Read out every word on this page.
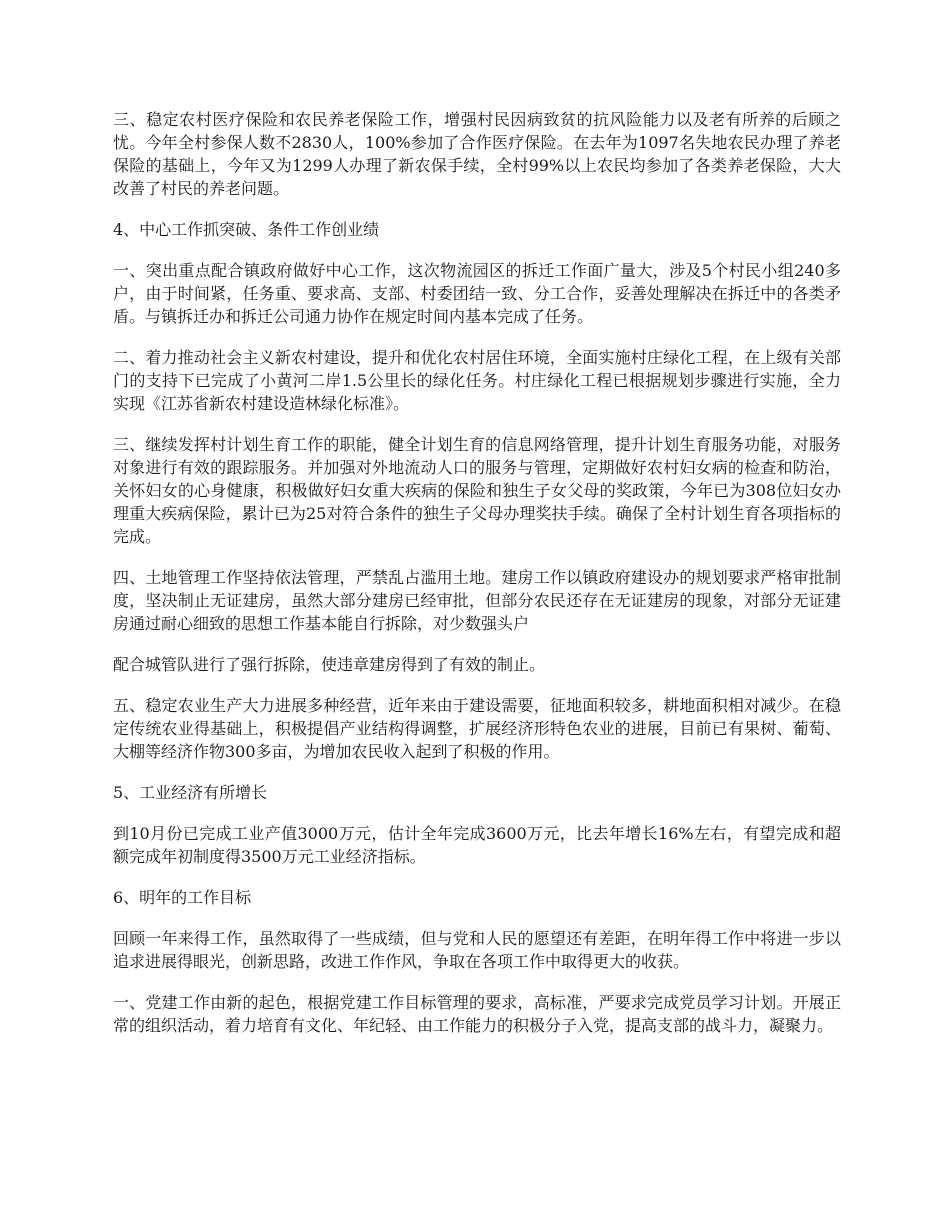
三、稳定农村医疗保险和农民养老保险工作，增强村民因病致贫的抗风险能力以及老有所养的后顾之忧。今年全村参保人数不2830人，100%参加了合作医疗保险。在去年为1097名失地农民办理了养老保险的基础上，今年又为1299人办理了新农保手续，全村99%以上农民均参加了各类养老保险，大大改善了村民的养老问题。

4、中心工作抓突破、条件工作创业绩

一、突出重点配合镇政府做好中心工作，这次物流园区的拆迁工作面广量大，涉及5个村民小组240多户，由于时间紧，任务重、要求高、支部、村委团结一致、分工合作，妥善处理解决在拆迁中的各类矛盾。与镇拆迁办和拆迁公司通力协作在规定时间内基本完成了任务。

二、着力推动社会主义新农村建设，提升和优化农村居住环境，全面实施村庄绿化工程，在上级有关部门的支持下已完成了小黄河二岸1.5公里长的绿化任务。村庄绿化工程已根据规划步骤进行实施，全力实现《江苏省新农村建设造林绿化标准》。

三、继续发挥村计划生育工作的职能，健全计划生育的信息网络管理，提升计划生育服务功能，对服务对象进行有效的跟踪服务。并加强对外地流动人口的服务与管理，定期做好农村妇女病的检查和防治，关怀妇女的心身健康，积极做好妇女重大疾病的保险和独生子女父母的奖政策，今年已为308位妇女办理重大疾病保险，累计已为25对符合条件的独生子父母办理奖扶手续。确保了全村计划生育各项指标的完成。

四、土地管理工作坚持依法管理，严禁乱占滥用土地。建房工作以镇政府建设办的规划要求严格审批制度，坚决制止无证建房，虽然大部分建房已经审批，但部分农民还存在无证建房的现象，对部分无证建房通过耐心细致的思想工作基本能自行拆除，对少数强头户

配合城管队进行了强行拆除，使违章建房得到了有效的制止。

五、稳定农业生产大力进展多种经营，近年来由于建设需要，征地面积较多，耕地面积相对减少。在稳定传统农业得基础上，积极提倡产业结构得调整，扩展经济形特色农业的进展，目前已有果树、葡萄、大棚等经济作物300多亩，为增加农民收入起到了积极的作用。

5、工业经济有所增长

到10月份已完成工业产值3000万元，估计全年完成3600万元，比去年增长16%左右，有望完成和超额完成年初制度得3500万元工业经济指标。

6、明年的工作目标

回顾一年来得工作，虽然取得了一些成绩，但与党和人民的愿望还有差距，在明年得工作中将进一步以追求进展得眼光，创新思路，改进工作作风，争取在各项工作中取得更大的收获。

一、党建工作由新的起色，根据党建工作目标管理的要求，高标准，严要求完成党员学习计划。开展正常的组织活动，着力培育有文化、年纪轻、由工作能力的积极分子入党，提高支部的战斗力，凝聚力。
